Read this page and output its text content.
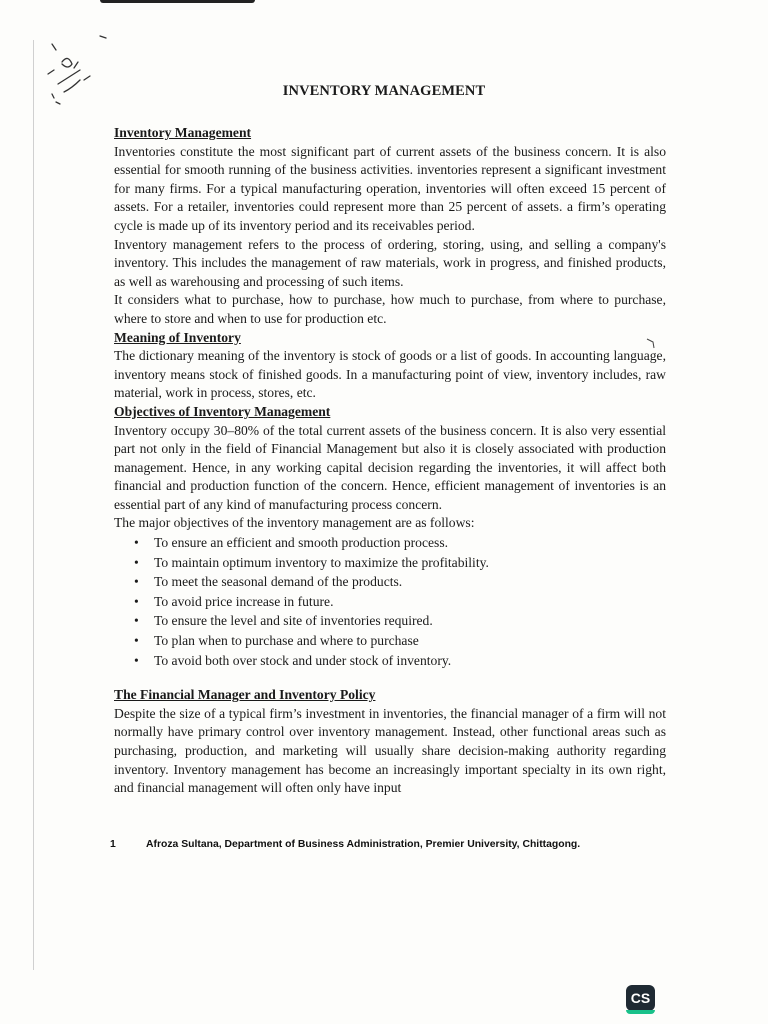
INVENTORY MANAGEMENT

Inventory Management

Inventories constitute the most significant part of current assets of the business concern. It is also essential for smooth running of the business activities. inventories represent a significant investment for many firms. For a typical manufacturing operation, inventories will often exceed 15 percent of assets. For a retailer, inventories could represent more than 25 percent of assets. a firm’s operating cycle is made up of its inventory period and its receivables period.

Inventory management refers to the process of ordering, storing, using, and selling a company's inventory. This includes the management of raw materials, work in progress, and finished products, as well as warehousing and processing of such items.

It considers what to purchase, how to purchase, how much to purchase, from where to purchase, where to store and when to use for production etc.

Meaning of Inventory

The dictionary meaning of the inventory is stock of goods or a list of goods. In accounting language, inventory means stock of finished goods. In a manufacturing point of view, inventory includes, raw material, work in process, stores, etc.

Objectives of Inventory Management

Inventory occupy 30–80% of the total current assets of the business concern. It is also very essential part not only in the field of Financial Management but also it is closely associated with production management. Hence, in any working capital decision regarding the inventories, it will affect both financial and production function of the concern. Hence, efficient management of inventories is an essential part of any kind of manufacturing process concern.

The major objectives of the inventory management are as follows:

• To ensure an efficient and smooth production process.
• To maintain optimum inventory to maximize the profitability.
• To meet the seasonal demand of the products.
• To avoid price increase in future.
• To ensure the level and site of inventories required.
• To plan when to purchase and where to purchase
• To avoid both over stock and under stock of inventory.

The Financial Manager and Inventory Policy

Despite the size of a typical firm’s investment in inventories, the financial manager of a firm will not normally have primary control over inventory management. Instead, other functional areas such as purchasing, production, and marketing will usually share decision-making authority regarding inventory. Inventory management has become an increasingly important specialty in its own right, and financial management will often only have input

1	Afroza Sultana, Department of Business Administration, Premier University, Chittagong.
CS
